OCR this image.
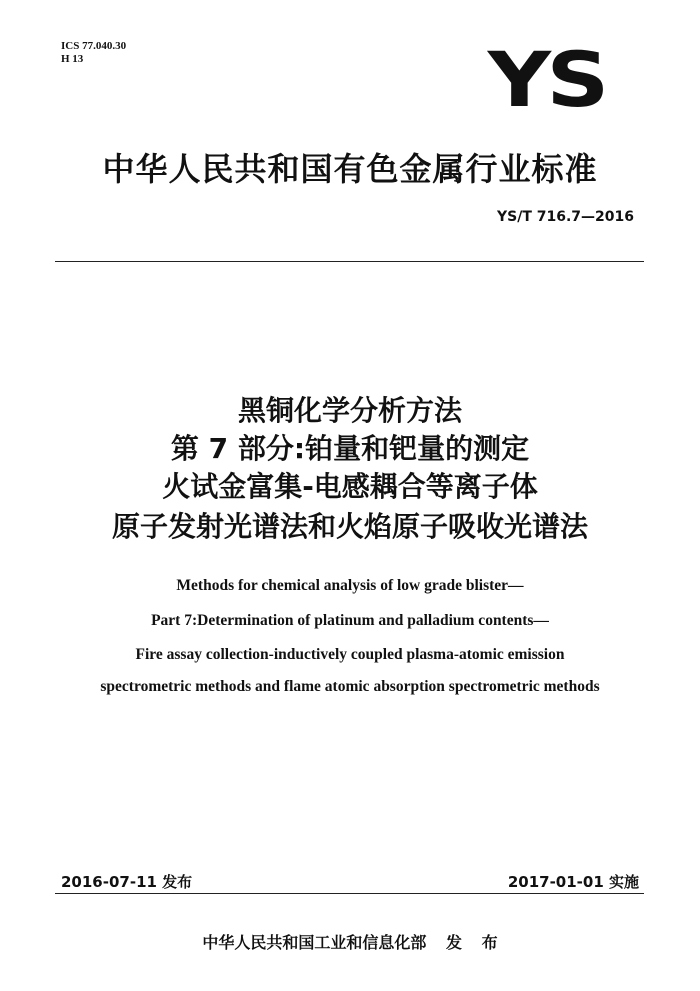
ICS 77.040.30
H 13	YS
中华人民共和国有色金属行业标准
YS/T 716.7—2016
黑铜化学分析方法
第 7 部分:铂量和钯量的测定
火试金富集-电感耦合等离子体
原子发射光谱法和火焰原子吸收光谱法
Methods for chemical analysis of low grade blister—
Part 7:Determination of platinum and palladium contents—
Fire assay collection-inductively coupled plasma-atomic emission
spectrometric methods and flame atomic absorption spectrometric methods
2016-07-11 发布	2017-01-01 实施
中华人民共和国工业和信息化部 发 布
